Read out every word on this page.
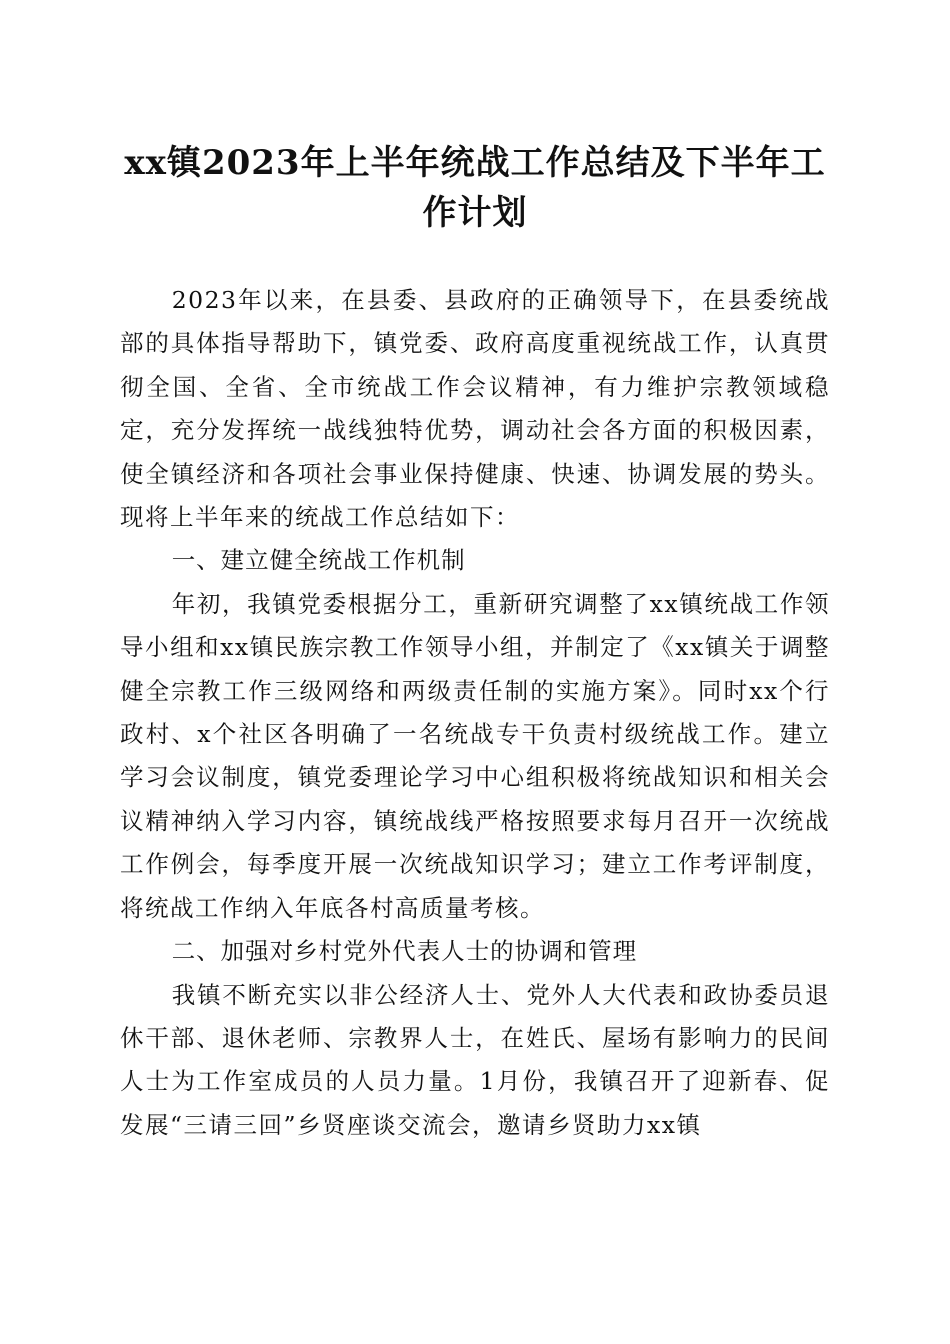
xx镇2023年上半年统战工作总结及下半年工作计划

2023年以来，在县委、县政府的正确领导下，在县委统战部的具体指导帮助下，镇党委、政府高度重视统战工作，认真贯彻全国、全省、全市统战工作会议精神，有力维护宗教领域稳定，充分发挥统一战线独特优势，调动社会各方面的积极因素，使全镇经济和各项社会事业保持健康、快速、协调发展的势头。现将上半年来的统战工作总结如下：

一、建立健全统战工作机制

年初，我镇党委根据分工，重新研究调整了xx镇统战工作领导小组和xx镇民族宗教工作领导小组，并制定了《xx镇关于调整健全宗教工作三级网络和两级责任制的实施方案》。同时xx个行政村、x个社区各明确了一名统战专干负责村级统战工作。建立学习会议制度，镇党委理论学习中心组积极将统战知识和相关会议精神纳入学习内容，镇统战线严格按照要求每月召开一次统战工作例会，每季度开展一次统战知识学习；建立工作考评制度，将统战工作纳入年底各村高质量考核。

二、加强对乡村党外代表人士的协调和管理

我镇不断充实以非公经济人士、党外人大代表和政协委员退休干部、退休老师、宗教界人士，在姓氏、屋场有影响力的民间人士为工作室成员的人员力量。1月份，我镇召开了迎新春、促发展“三请三回”乡贤座谈交流会，邀请乡贤助力xx镇
